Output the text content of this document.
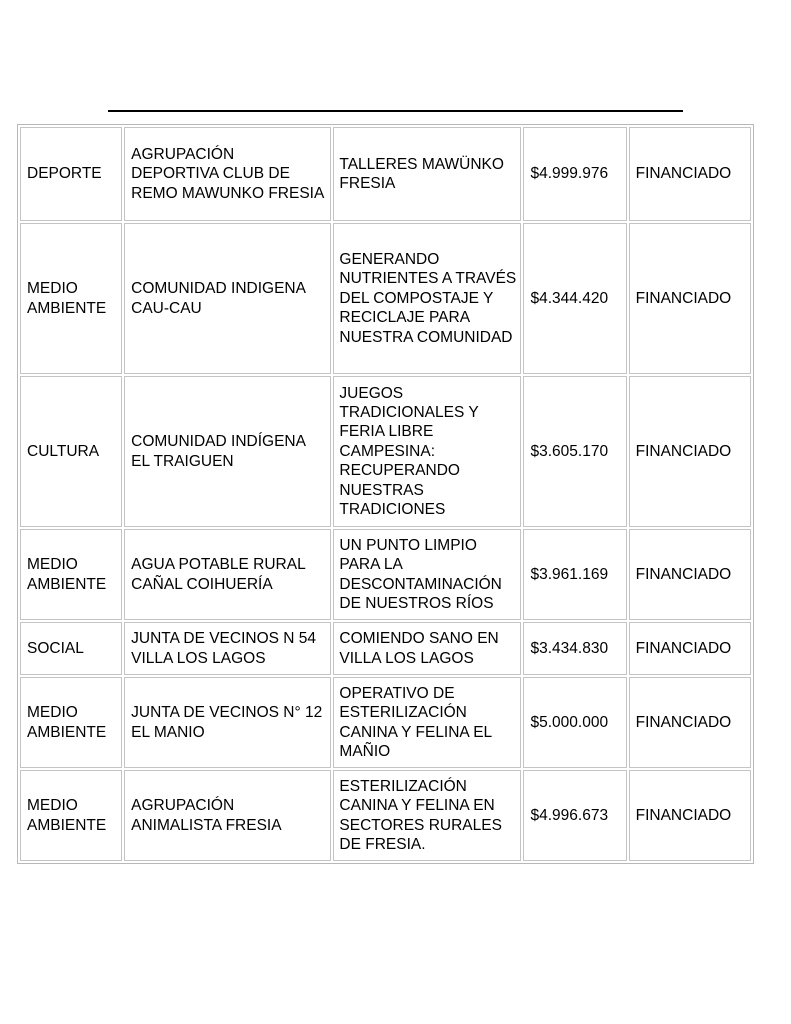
DEPORTE	AGRUPACIÓN DEPORTIVA CLUB DE REMO MAWUNKO FRESIA	TALLERES MAWÜNKO FRESIA	$4.999.976	FINANCIADO
MEDIO AMBIENTE	COMUNIDAD INDIGENA CAU-CAU	GENERANDO NUTRIENTES A TRAVÉS DEL COMPOSTAJE Y RECICLAJE PARA NUESTRA COMUNIDAD	$4.344.420	FINANCIADO
CULTURA	COMUNIDAD INDÍGENA EL TRAIGUEN	JUEGOS TRADICIONALES Y FERIA LIBRE CAMPESINA: RECUPERANDO NUESTRAS TRADICIONES	$3.605.170	FINANCIADO
MEDIO AMBIENTE	AGUA POTABLE RURAL CAÑAL COIHUERÍA	UN PUNTO LIMPIO PARA LA DESCONTAMINACIÓN DE NUESTROS RÍOS	$3.961.169	FINANCIADO
SOCIAL	JUNTA DE VECINOS N 54 VILLA LOS LAGOS	COMIENDO SANO EN VILLA LOS LAGOS	$3.434.830	FINANCIADO
MEDIO AMBIENTE	JUNTA DE VECINOS N° 12 EL MANIO	OPERATIVO DE ESTERILIZACIÓN CANINA Y FELINA EL MAÑIO	$5.000.000	FINANCIADO
MEDIO AMBIENTE	AGRUPACIÓN ANIMALISTA FRESIA	ESTERILIZACIÓN CANINA Y FELINA EN SECTORES RURALES DE FRESIA.	$4.996.673	FINANCIADO
